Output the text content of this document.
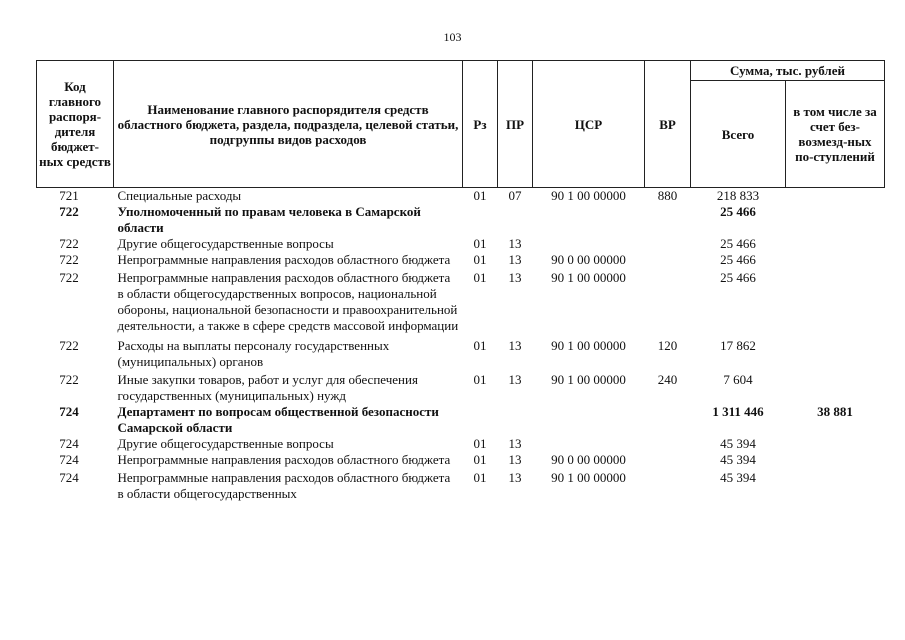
103
Код главного распоря-дителя бюджет-ных средств	Наименование главного распорядителя средств областного бюджета, раздела, подраздела, целевой статьи, подгруппы видов расходов	Рз	ПР	ЦСР	ВР	Сумма, тыс. рублей	
						Всего	в том числе за счет без-возмезд-ных по-ступлений
721	Специальные расходы	01	07	90 1 00 00000	880	218 833	
722	Уполномоченный по правам человека в Самарской области					25 466	
722	Другие общегосударственные вопросы	01	13			25 466	
722	Непрограммные направления расходов областного бюджета	01	13	90 0 00 00000		25 466	
722	Непрограммные направления расходов областного бюджета в области общегосударственных вопросов, национальной обороны, национальной безопасности и правоохранительной деятельности, а также в сфере средств массовой информации	01	13	90 1 00 00000		25 466	
722	Расходы на выплаты персоналу государственных (муниципальных) органов	01	13	90 1 00 00000	120	17 862	
722	Иные закупки товаров, работ и услуг для обеспечения государственных (муниципальных) нужд	01	13	90 1 00 00000	240	7 604	
724	Департамент по вопросам общественной безопасности Самарской области					1 311 446	38 881
724	Другие общегосударственные вопросы	01	13			45 394	
724	Непрограммные направления расходов областного бюджета	01	13	90 0 00 00000		45 394	
724	Непрограммные направления расходов областного бюджета в области общегосударственных	01	13	90 1 00 00000		45 394	
